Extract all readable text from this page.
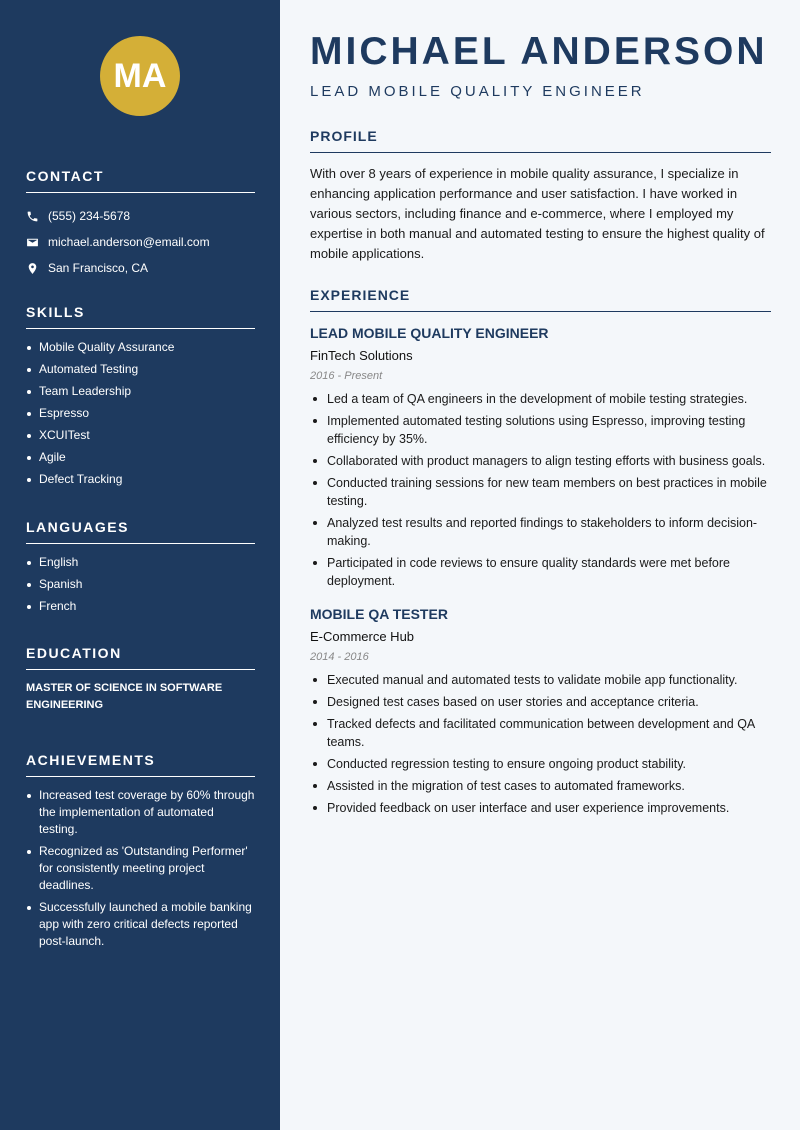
MA
CONTACT
(555) 234-5678
michael.anderson@email.com
San Francisco, CA
SKILLS
Mobile Quality Assurance
Automated Testing
Team Leadership
Espresso
XCUITest
Agile
Defect Tracking
LANGUAGES
English
Spanish
French
EDUCATION
MASTER OF SCIENCE IN SOFTWARE ENGINEERING
ACHIEVEMENTS
Increased test coverage by 60% through the implementation of automated testing.
Recognized as 'Outstanding Performer' for consistently meeting project deadlines.
Successfully launched a mobile banking app with zero critical defects reported post-launch.
MICHAEL ANDERSON
LEAD MOBILE QUALITY ENGINEER
PROFILE

With over 8 years of experience in mobile quality assurance, I specialize in enhancing application performance and user satisfaction. I have worked in various sectors, including finance and e-commerce, where I employed my expertise in both manual and automated testing to ensure the highest quality of mobile applications.

EXPERIENCE
LEAD MOBILE QUALITY ENGINEER
FinTech Solutions
2016 - Present
Led a team of QA engineers in the development of mobile testing strategies.
Implemented automated testing solutions using Espresso, improving testing efficiency by 35%.
Collaborated with product managers to align testing efforts with business goals.
Conducted training sessions for new team members on best practices in mobile testing.
Analyzed test results and reported findings to stakeholders to inform decision-making.
Participated in code reviews to ensure quality standards were met before deployment.
MOBILE QA TESTER
E-Commerce Hub
2014 - 2016
Executed manual and automated tests to validate mobile app functionality.
Designed test cases based on user stories and acceptance criteria.
Tracked defects and facilitated communication between development and QA teams.
Conducted regression testing to ensure ongoing product stability.
Assisted in the migration of test cases to automated frameworks.
Provided feedback on user interface and user experience improvements.
